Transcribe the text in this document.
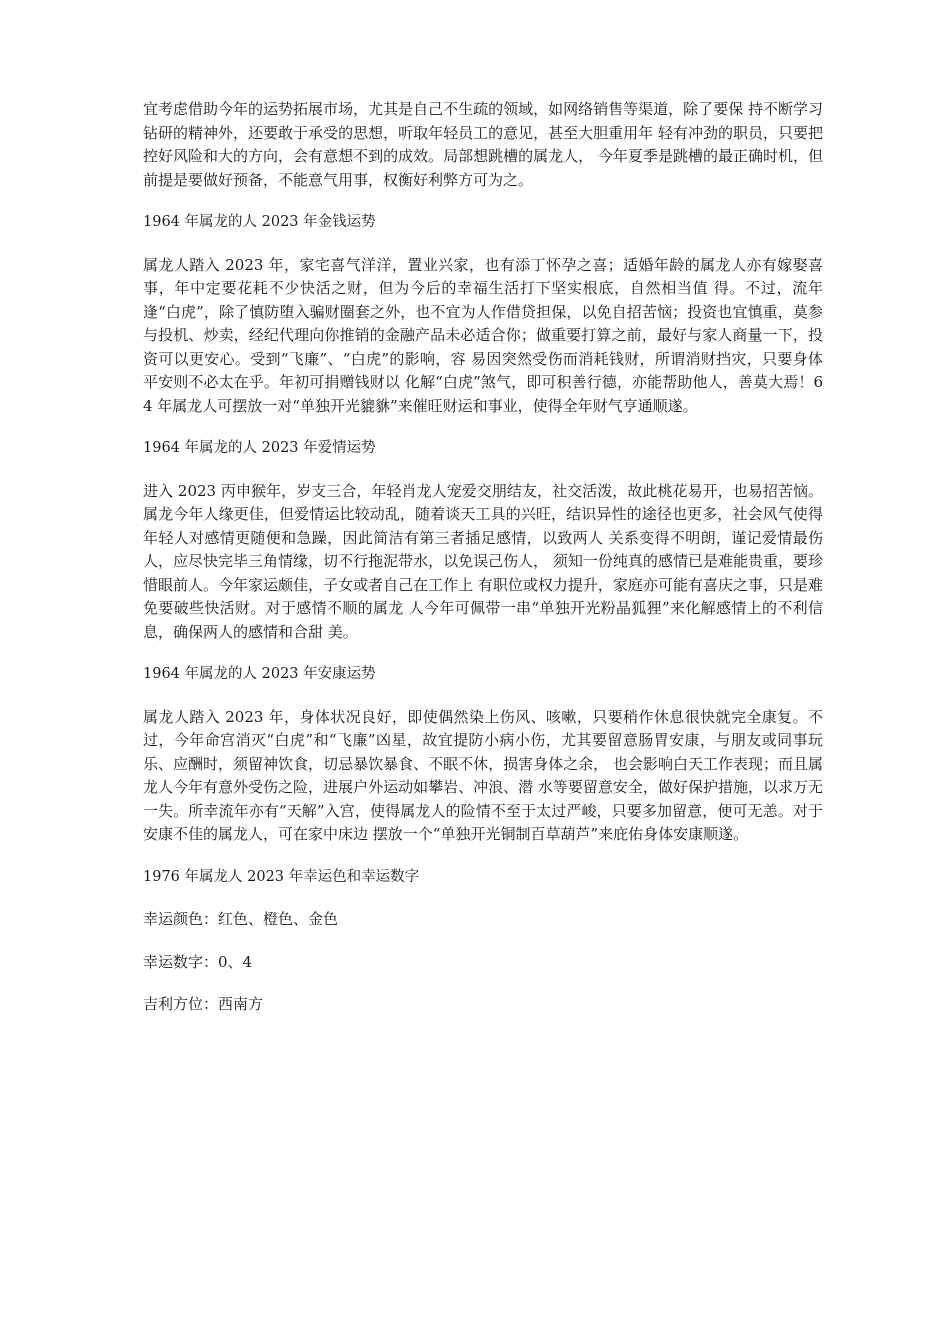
宜考虑借助今年的运势拓展市场，尤其是自己不生疏的领域，如网络销售等渠道，除了要保 持不断学习钻研的精神外，还要敢于承受的思想，听取年轻员工的意见，甚至大胆重用年 轻有冲劲的职员，只要把控好风险和大的方向，会有意想不到的成效。局部想跳槽的属龙人， 今年夏季是跳槽的最正确时机，但前提是要做好预备，不能意气用事，权衡好利弊方可为之。

1964 年属龙的人 2023 年金钱运势

属龙人踏入 2023 年，家宅喜气洋洋，置业兴家，也有添丁怀孕之喜；适婚年龄的属龙人亦有嫁娶喜事，年中定要花耗不少快活之财，但为今后的幸福生活打下坚实根底，自然相当值 得。不过，流年逢“白虎”，除了慎防堕入骗财圈套之外，也不宜为人作借贷担保，以免自招苦恼；投资也宜慎重，莫参与投机、炒卖，经纪代理向你推销的金融产品未必适合你；做重要打算之前，最好与家人商量一下，投资可以更安心。受到“飞廉”、“白虎”的影响，容 易因突然受伤而消耗钱财，所谓消财挡灾，只要身体平安则不必太在乎。年初可捐赠钱财以 化解“白虎”煞气，即可积善行德，亦能帮助他人，善莫大焉！64 年属龙人可摆放一对“单独开光貔貅”来催旺财运和事业，使得全年财气亨通顺遂。

1964 年属龙的人 2023 年爱情运势

进入 2023 丙申猴年，岁支三合，年轻肖龙人宠爱交朋结友，社交活泼，故此桃花易开，也易招苦恼。属龙今年人缘更佳，但爱情运比较动乱，随着谈天工具的兴旺，结识异性的途径也更多，社会风气使得年轻人对感情更随便和急躁，因此简洁有第三者插足感情，以致两人 关系变得不明朗，谨记爱情最伤人，应尽快完毕三角情缘，切不行拖泥带水，以免误己伤人， 须知一份纯真的感情已是难能贵重，要珍惜眼前人。今年家运颇佳，子女或者自己在工作上 有职位或权力提升，家庭亦可能有喜庆之事，只是难免要破些快活财。对于感情不顺的属龙 人今年可佩带一串“单独开光粉晶狐狸”来化解感情上的不利信息，确保两人的感情和合甜 美。

1964 年属龙的人 2023 年安康运势

属龙人踏入 2023 年，身体状况良好，即使偶然染上伤风、咳嗽，只要稍作休息很快就完全康复。不过，今年命宫消灭“白虎”和“飞廉”凶星，故宜提防小病小伤，尤其要留意肠胃安康，与朋友或同事玩乐、应酬时，须留神饮食，切忌暴饮暴食、不眠不休，损害身体之余， 也会影响白天工作表现；而且属龙人今年有意外受伤之险，进展户外运动如攀岩、冲浪、潜 水等要留意安全，做好保护措施，以求万无一失。所幸流年亦有“天解”入宫，使得属龙人的险情不至于太过严峻，只要多加留意，便可无恙。对于安康不佳的属龙人，可在家中床边 摆放一个“单独开光铜制百草葫芦”来庇佑身体安康顺遂。

1976 年属龙人 2023 年幸运色和幸运数字

幸运颜色：红色、橙色、金色

幸运数字：0、4

吉利方位：西南方
